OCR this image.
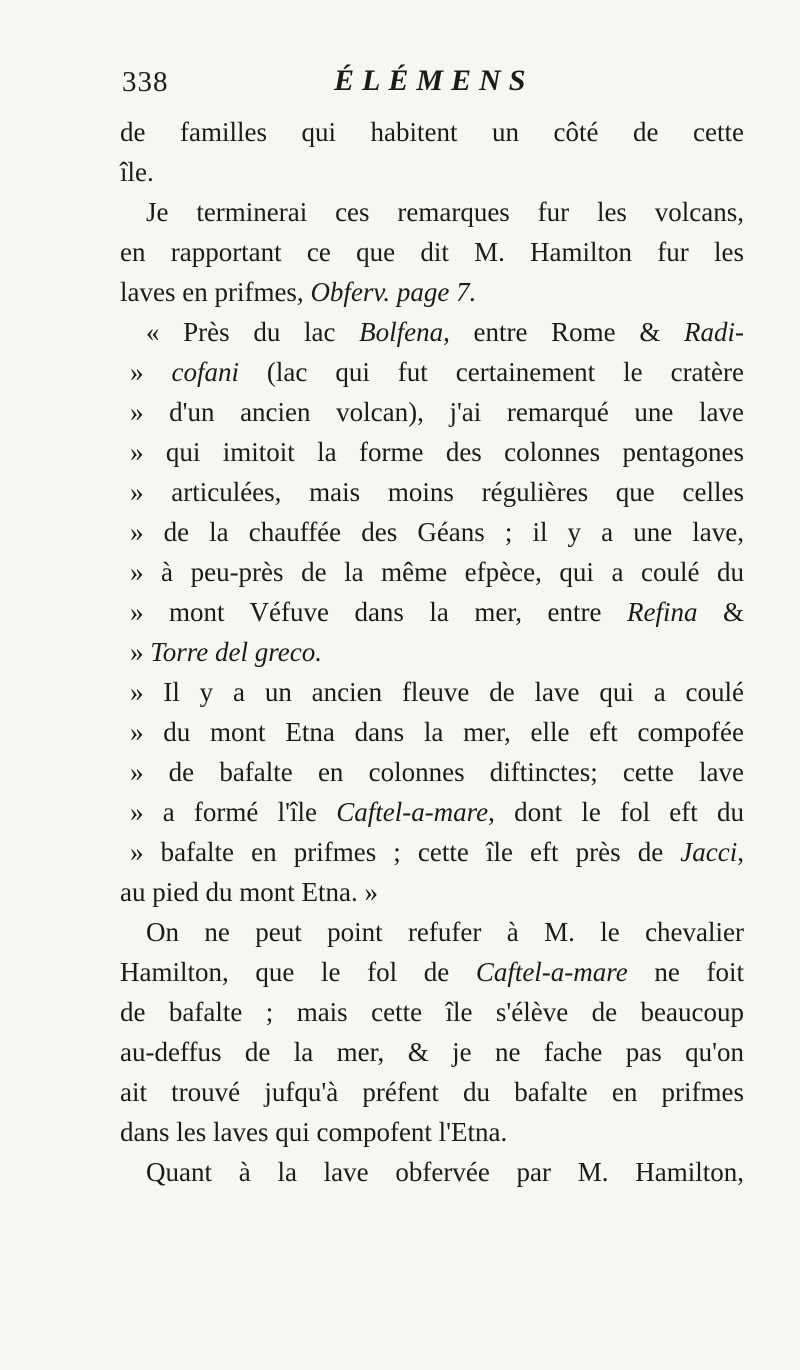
338	ÉLÉMENS
de familles qui habitent un côté de cette
île.
Je terminerai ces remarques fur les volcans,
en rapportant ce que dit M. Hamilton fur les
laves en prifmes, Obferv. page 7.
« Près du lac Bolfena, entre Rome & Radi-
» cofani (lac qui fut certainement le cratère
» d'un ancien volcan), j'ai remarqué une lave
» qui imitoit la forme des colonnes pentagones
» articulées, mais moins régulières que celles
» de la chauffée des Géans ; il y a une lave,
» à peu-près de la même efpèce, qui a coulé du
» mont Véfuve dans la mer, entre Refina &
» Torre del greco.
» Il y a un ancien fleuve de lave qui a coulé
» du mont Etna dans la mer, elle eft compofée
» de bafalte en colonnes diftinctes; cette lave
» a formé l'île Caftel-a-mare, dont le fol eft du
» bafalte en prifmes ; cette île eft près de Jacci,
au pied du mont Etna. »
On ne peut point refufer à M. le chevalier
Hamilton, que le fol de Caftel-a-mare ne foit
de bafalte ; mais cette île s'élève de beaucoup
au-deffus de la mer, & je ne fache pas qu'on
ait trouvé jufqu'à préfent du bafalte en prifmes
dans les laves qui compofent l'Etna.
Quant à la lave obfervée par M. Hamilton,
